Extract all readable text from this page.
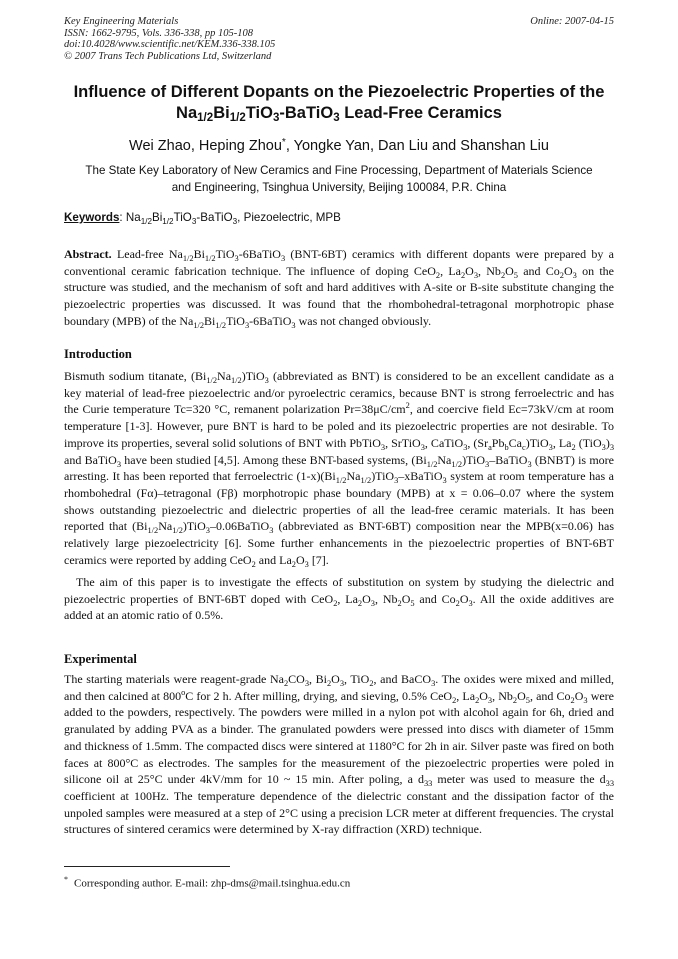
Key Engineering Materials
ISSN: 1662-9795, Vols. 336-338, pp 105-108
doi:10.4028/www.scientific.net/KEM.336-338.105
© 2007 Trans Tech Publications Ltd, Switzerland
Online: 2007-04-15
Influence of Different Dopants on the Piezoelectric Properties of the
$Na_{1/2}Bi_{1/2}TiO_3-BaTiO_3$ Lead-Free Ceramics
Wei Zhao, Heping Zhou*, Yongke Yan, Dan Liu and Shanshan Liu
The State Key Laboratory of New Ceramics and Fine Processing, Department of Materials Science
and Engineering, Tsinghua University, Beijing 100084, P.R. China
Keywords: $Na_{1/2}Bi_{1/2}TiO_3-BaTiO_3$, Piezoelectric, MPB
Abstract. Lead-free $Na_{1/2}Bi_{1/2}TiO_3-6BaTiO_3$ (BNT-6BT) ceramics with different dopants were prepared by a conventional ceramic fabrication technique. The influence of doping CeO$_2$, $La_2O_3$, $Nb_2O_5$ and $Co_2O_3$ on the structure was studied, and the mechanism of soft and hard additives with A-site or B-site substitute changing the piezoelectric properties was discussed. It was found that the rhombohedral-tetragonal morphotropic phase boundary (MPB) of the $Na_{1/2}Bi_{1/2}TiO_3-6BaTiO_3$ was not changed obviously.
Introduction
Bismuth sodium titanate, $(Bi_{1/2}Na_{1/2})TiO_3$ (abbreviated as BNT) is considered to be an excellent candidate as a key material of lead-free piezoelectric and/or pyroelectric ceramics, because BNT is strong ferroelectric and has the Curie temperature Tc=320 °C, remanent polarization $Pr=38\mu C/cm^2$, and coercive field Ec=73kV/cm at room temperature [1-3]. However, pure BNT is hard to be poled and its piezoelectric properties are not desirable. To improve its properties, several solid solutions of BNT with PbTiO$_3$, SrTiO$_3$, CaTiO$_3$, $(Sr_aPb_bCa_c)TiO_3$, $La_2$ $(TiO_3)_3$ and BaTiO$_3$ have been studied [4,5]. Among these BNT-based systems, $(Bi_{1/2}Na_{1/2})TiO_3-BaTiO_3$ (BNBT) is more arresting. It has been reported that ferroelectric $(1-x)(Bi_{1/2}Na_{1/2})TiO_3-xBaTiO_3$ system at room temperature has a rhombohedral (Fα)–tetragonal (Fβ) morphotropic phase boundary (MPB) at x = 0.06–0.07 where the system shows outstanding piezoelectric and dielectric properties of all the lead-free ceramic materials. It has been reported that $(Bi_{1/2}Na_{1/2})TiO_3-0.06BaTiO_3$ (abbreviated as BNT-6BT) composition near the MPB(x=0.06) has relatively large piezoelectricity [6]. Some further enhancements in the piezoelectric properties of BNT-6BT ceramics were reported by adding CeO$_2$ and $La_2O_3$ [7].
The aim of this paper is to investigate the effects of substitution on system by studying the dielectric and piezoelectric properties of BNT-6BT doped with CeO$_2$, $La_2O_3$, $Nb_2O_5$ and $Co_2O_3$. All the oxide additives are added at an atomic ratio of 0.5%.
Experimental
The starting materials were reagent-grade $Na_2CO_3$, $Bi_2O_3$, TiO$_2$, and BaCO$_3$. The oxides were mixed and milled, and then calcined at 800$^o$C for 2 h. After milling, drying, and sieving, 0.5% CeO$_2$, $La_2O_3$, $Nb_2O_5$, and $Co_2O_3$ were added to the powders, respectively. The powders were milled in a nylon pot with alcohol again for 6h, dried and granulated by adding PVA as a binder. The granulated powders were pressed into discs with diameter of 15mm and thickness of 1.5mm. The compacted discs were sintered at 1180°C for 2h in air. Silver paste was fired on both faces at 800°C as electrodes. The samples for the measurement of the piezoelectric properties were poled in silicone oil at 25°C under 4kV/mm for 10 ~ 15 min. After poling, a $d_{33}$ meter was used to measure the $d_{33}$ coefficient at 100Hz. The temperature dependence of the dielectric constant and the dissipation factor of the unpoled samples were measured at a step of 2°C using a precision LCR meter at different frequencies. The crystal structures of sintered ceramics were determined by X-ray diffraction (XRD) technique.
* Corresponding author. E-mail: zhp-dms@mail.tsinghua.edu.cn
